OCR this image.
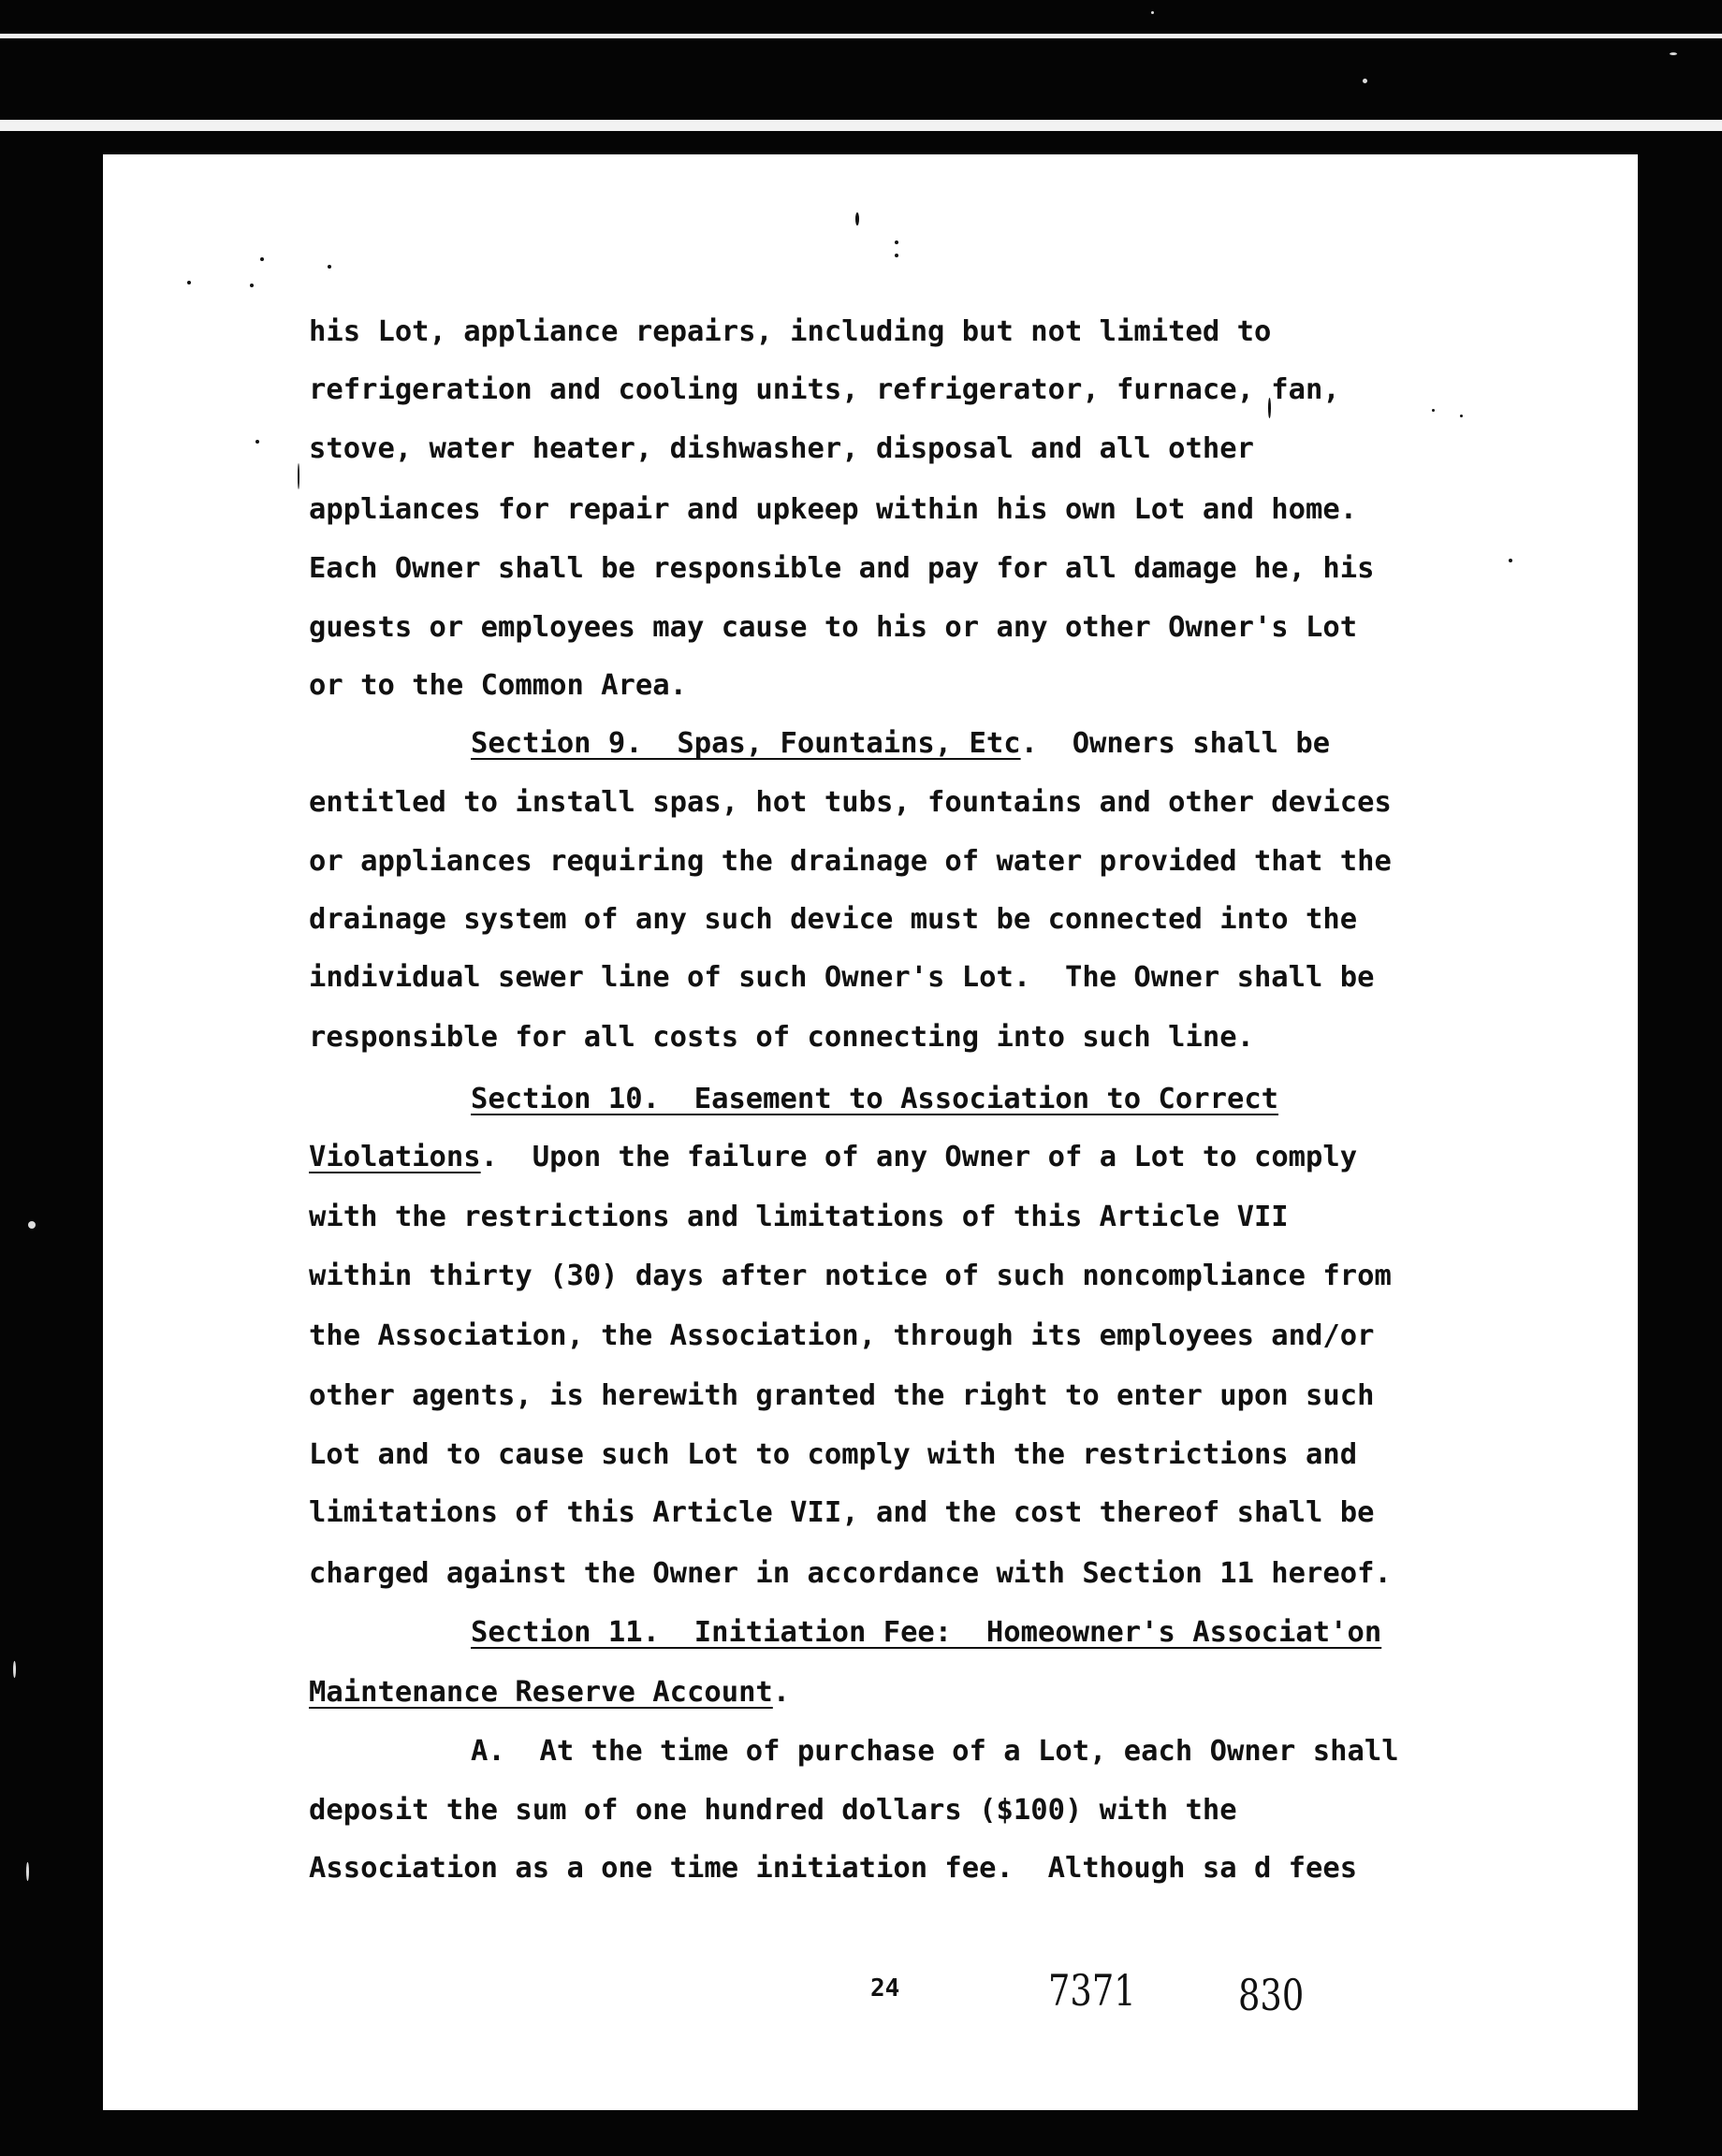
his Lot, appliance repairs, including but not limited to
refrigeration and cooling units, refrigerator, furnace, fan,
stove, water heater, dishwasher, disposal and all other
appliances for repair and upkeep within his own Lot and home.
Each Owner shall be responsible and pay for all damage he, his
guests or employees may cause to his or any other Owner's Lot
or to the Common Area.
Section 9.  Spas, Fountains, Etc.  Owners shall be
entitled to install spas, hot tubs, fountains and other devices
or appliances requiring the drainage of water provided that the
drainage system of any such device must be connected into the
individual sewer line of such Owner's Lot.  The Owner shall be
responsible for all costs of connecting into such line.
Section 10.  Easement to Association to Correct
Violations.  Upon the failure of any Owner of a Lot to comply
with the restrictions and limitations of this Article VII
within thirty (30) days after notice of such noncompliance from
the Association, the Association, through its employees and/or
other agents, is herewith granted the right to enter upon such
Lot and to cause such Lot to comply with the restrictions and
limitations of this Article VII, and the cost thereof shall be
charged against the Owner in accordance with Section 11 hereof.
Section 11.  Initiation Fee:  Homeowner's Associat'on
Maintenance Reserve Account.
A.  At the time of purchase of a Lot, each Owner shall
deposit the sum of one hundred dollars ($100) with the
Association as a one time initiation fee.  Although sa d fees
24	7371 830
